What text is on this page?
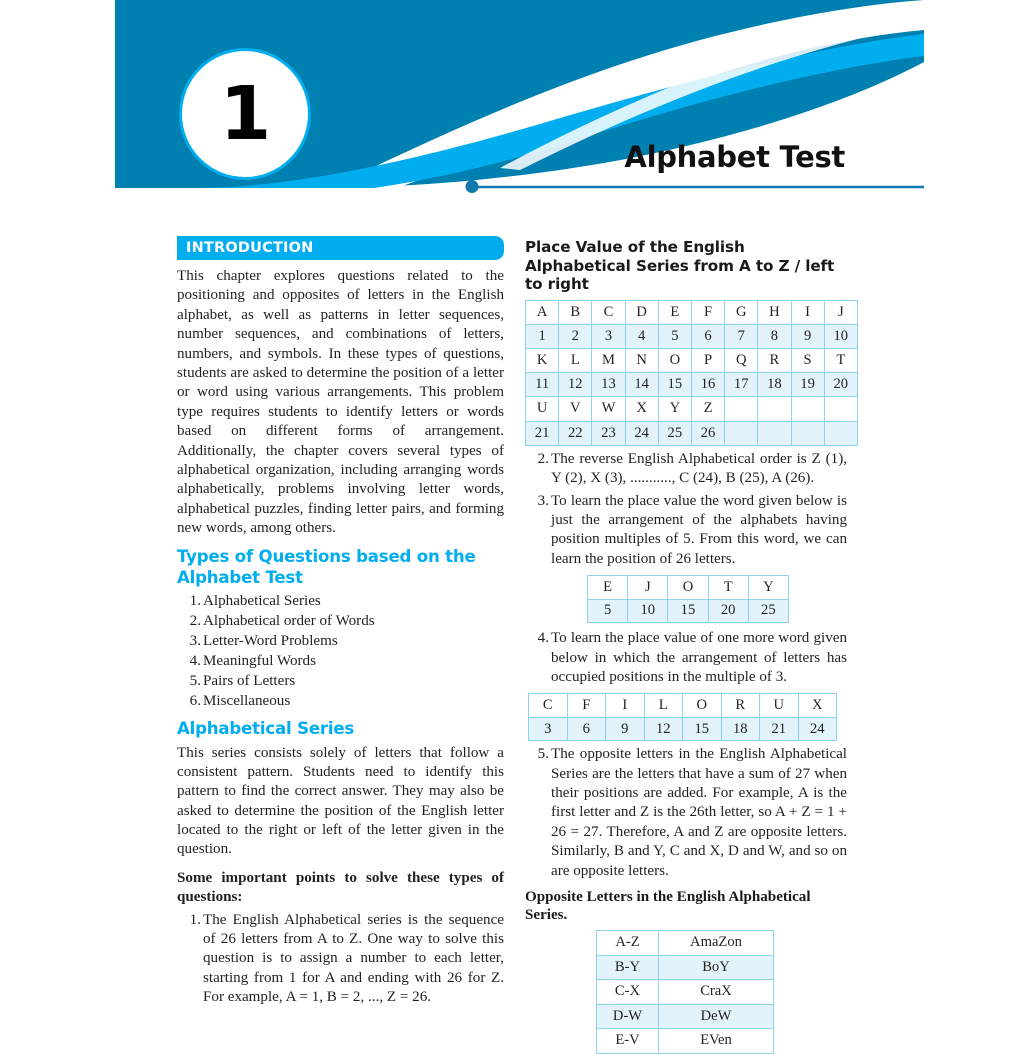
1	Alphabet Test
INTRODUCTION

This chapter explores questions related to the positioning and opposites of letters in the English alphabet, as well as patterns in letter sequences, number sequences, and combinations of letters, numbers, and symbols. In these types of questions, students are asked to determine the position of a letter or word using various arrangements. This problem type requires students to identify letters or words based on different forms of arrangement. Additionally, the chapter covers several types of alphabetical organization, including arranging words alphabetically, problems involving letter words, alphabetical puzzles, finding letter pairs, and forming new words, among others.

Types of Questions based on the Alphabet Test
1. Alphabetical Series
2. Alphabetical order of Words
3. Letter-Word Problems
4. Meaningful Words
5. Pairs of Letters
6. Miscellaneous
Alphabetical Series

This series consists solely of letters that follow a consistent pattern. Students need to identify this pattern to find the correct answer. They may also be asked to determine the position of the English letter located to the right or left of the letter given in the question.

Some important points to solve these types of questions:

1. The English Alphabetical series is the sequence of 26 letters from A to Z. One way to solve this question is to assign a number to each letter, starting from 1 for A and ending with 26 for Z. For example, A = 1, B = 2, ..., Z = 26.
Place Value of the English Alphabetical Series from A to Z / left to right
A	B	C	D	E	F	G	H	I	J
1	2	3	4	5	6	7	8	9	10
K	L	M	N	O	P	Q	R	S	T
11	12	13	14	15	16	17	18	19	20
U	V	W	X	Y	Z				
21	22	23	24	25	26				
2. The reverse English Alphabetical order is Z (1), Y (2), X (3), ..........., C (24), B (25), A (26).
3. To learn the place value the word given below is just the arrangement of the alphabets having position multiples of 5. From this word, we can learn the position of 26 letters.
E	J	O	T	Y
5	10	15	20	25
4. To learn the place value of one more word given below in which the arrangement of letters has occupied positions in the multiple of 3.
C	F	I	L	O	R	U	X
3	6	9	12	15	18	21	24
5. The opposite letters in the English Alphabetical Series are the letters that have a sum of 27 when their positions are added. For example, A is the first letter and Z is the 26th letter, so A + Z = 1 + 26 = 27. Therefore, A and Z are opposite letters. Similarly, B and Y, C and X, D and W, and so on are opposite letters.
Opposite Letters in the English Alphabetical Series.
A-Z	AmaZon
B-Y	BoY
C-X	CraX
D-W	DeW
E-V	EVen
